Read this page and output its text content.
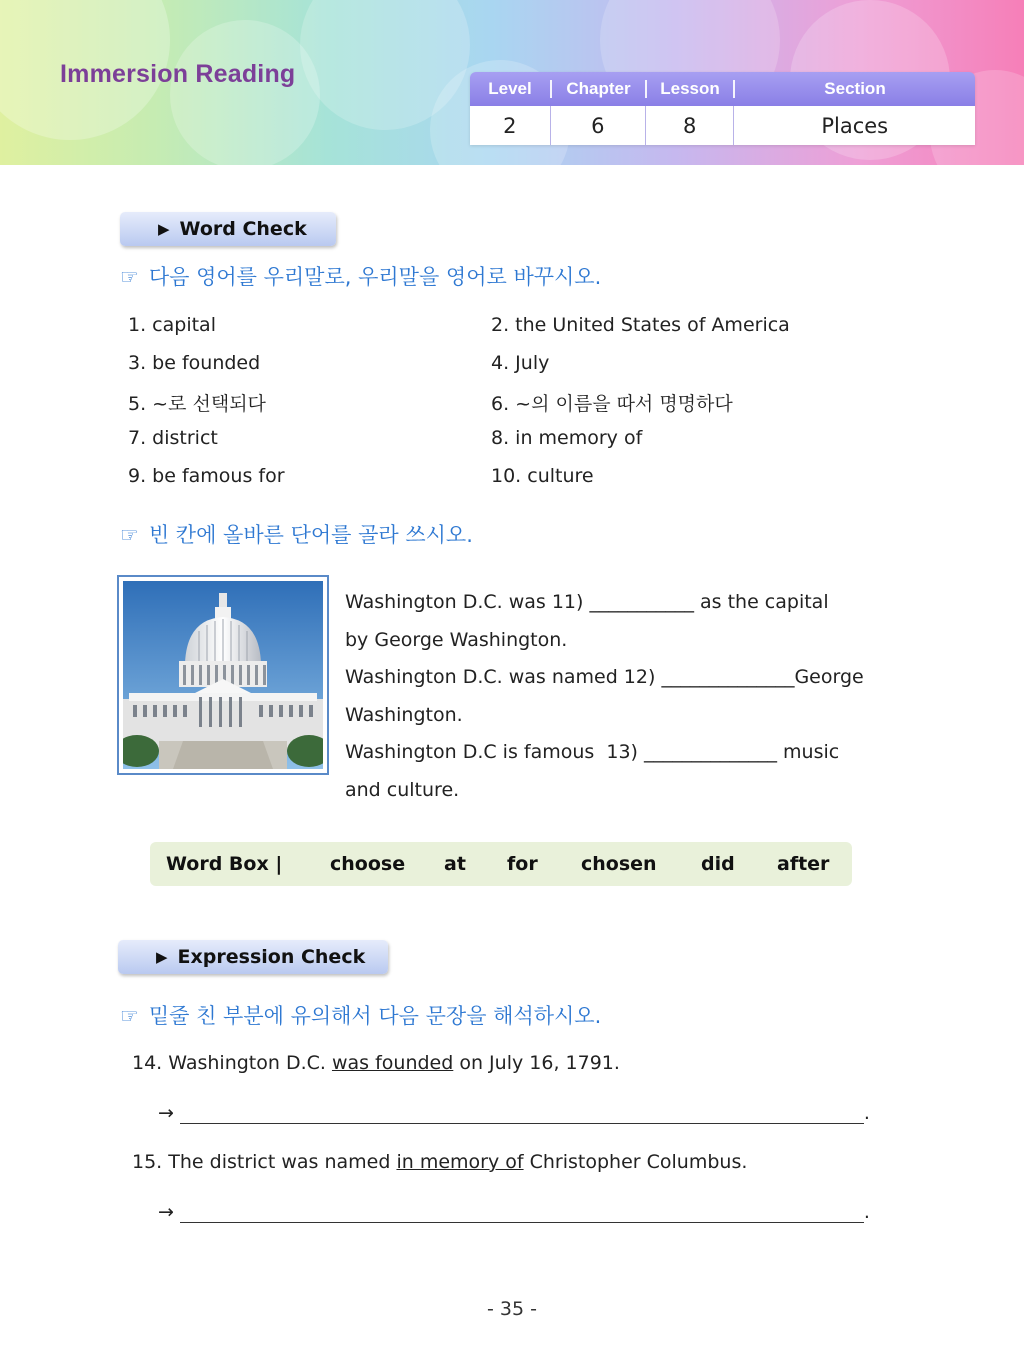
Immersion Reading
Level	Chapter	Lesson	Section
2	6	8	Places
▶ Word Check
☞ 다음 영어를 우리말로, 우리말을 영어로 바꾸시오.
1. capital	2. the United States of America
3. be founded	4. July
5. ~로 선택되다	6. ~의 이름을 따서 명명하다
7. district	8. in memory of
9. be famous for	10. culture
☞ 빈 칸에 올바른 단어를 골라 쓰시오.
Washington D.C. was 11) ___________ as the capital
by George Washington.
Washington D.C. was named 12) ______________George
Washington.
Washington D.C is famous  13) ______________ music
and culture.
Word Box |	choose at for chosen did after
▶ Expression Check
☞ 밑줄 친 부분에 유의해서 다음 문장을 해석하시오.
14. Washington D.C. was founded on July 16, 1791.
→	.
15. The district was named in memory of Christopher Columbus.
→	.
- 35 -
